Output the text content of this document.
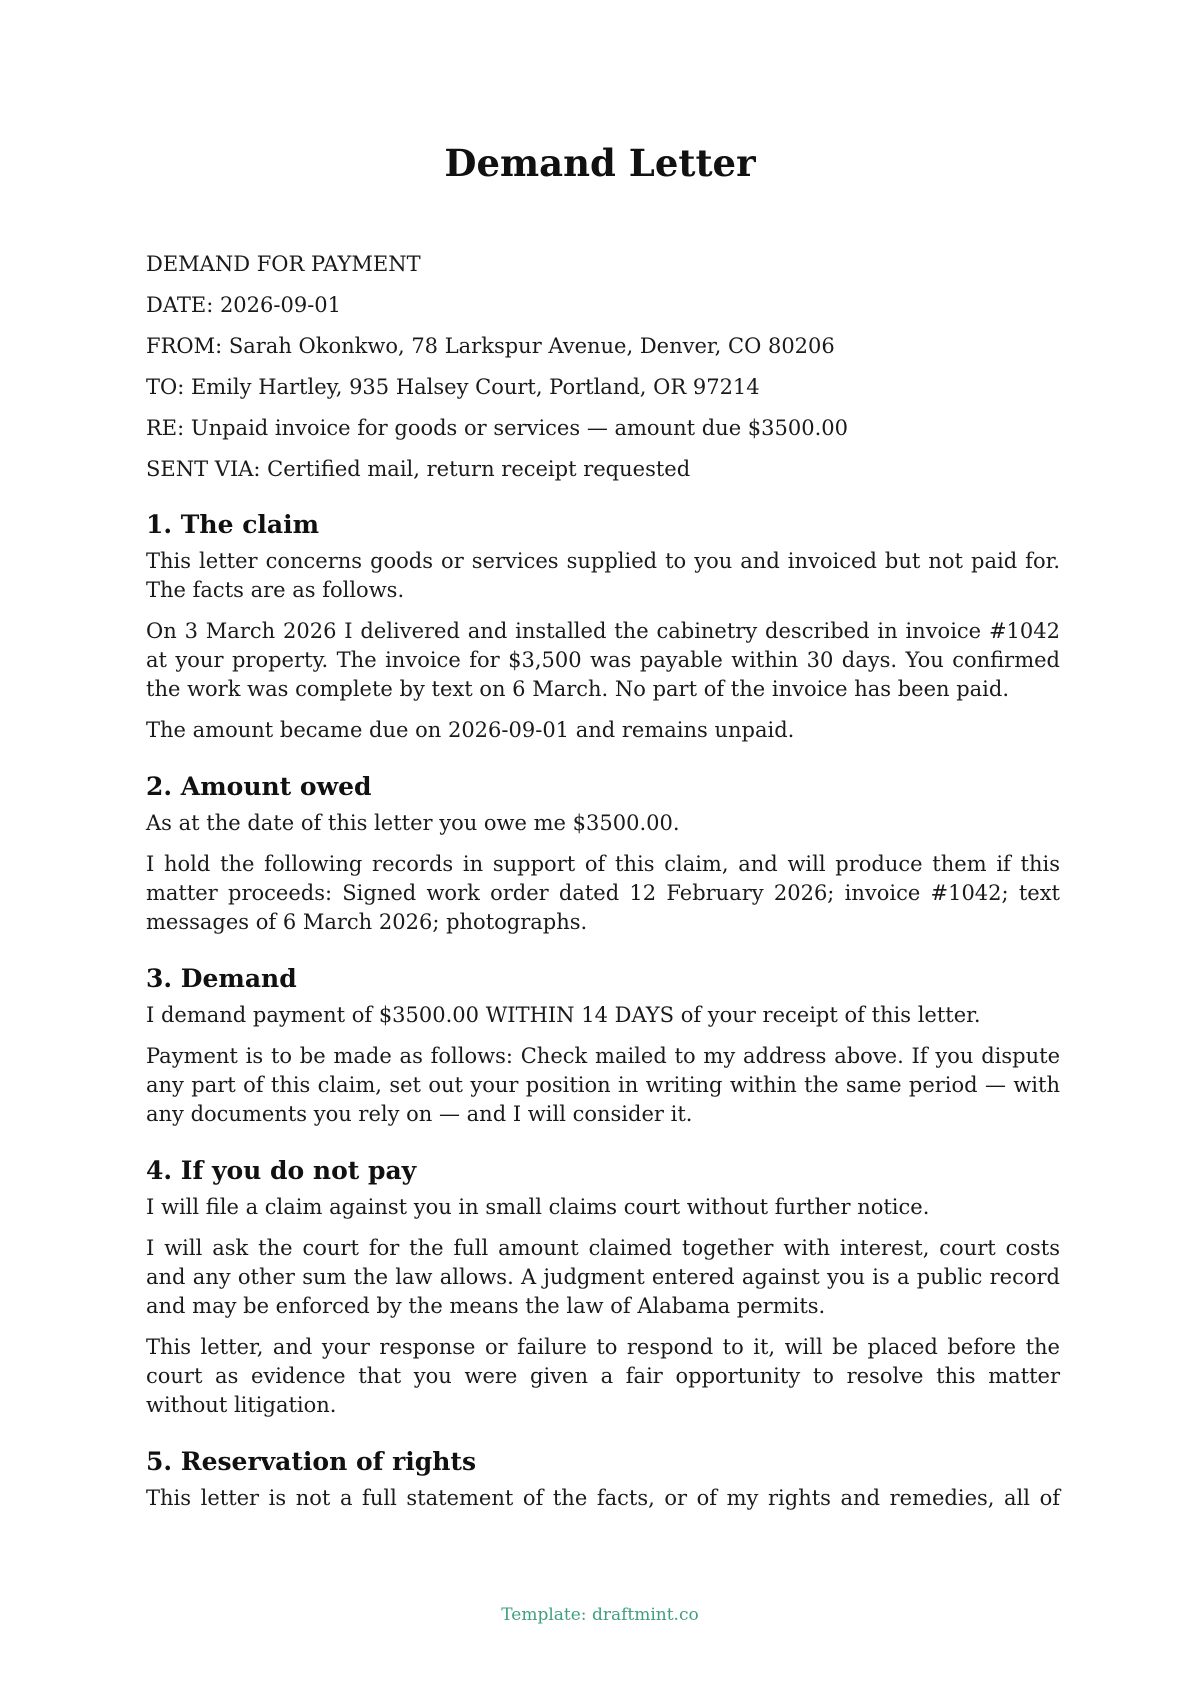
Demand Letter

DEMAND FOR PAYMENT

DATE: 2026-09-01

FROM: Sarah Okonkwo, 78 Larkspur Avenue, Denver, CO 80206

TO: Emily Hartley, 935 Halsey Court, Portland, OR 97214

RE: Unpaid invoice for goods or services — amount due $3500.00

SENT VIA: Certified mail, return receipt requested

1. The claim

This letter concerns goods or services supplied to you and invoiced but not paid for. The facts are as follows.

On 3 March 2026 I delivered and installed the cabinetry described in invoice #1042 at your property. The invoice for $3,500 was payable within 30 days. You confirmed the work was complete by text on 6 March. No part of the invoice has been paid.

The amount became due on 2026-09-01 and remains unpaid.

2. Amount owed

As at the date of this letter you owe me $3500.00.

I hold the following records in support of this claim, and will produce them if this matter proceeds: Signed work order dated 12 February 2026; invoice #1042; text messages of 6 March 2026; photographs.

3. Demand

I demand payment of $3500.00 WITHIN 14 DAYS of your receipt of this letter.

Payment is to be made as follows: Check mailed to my address above. If you dispute any part of this claim, set out your position in writing within the same period — with any documents you rely on — and I will consider it.

4. If you do not pay

I will file a claim against you in small claims court without further notice.

I will ask the court for the full amount claimed together with interest, court costs and any other sum the law allows. A judgment entered against you is a public record and may be enforced by the means the law of Alabama permits.

This letter, and your response or failure to respond to it, will be placed before the court as evidence that you were given a fair opportunity to resolve this matter without litigation.

5. Reservation of rights

This letter is not a full statement of the facts, or of my rights and remedies, all of

Template: draftmint.co
